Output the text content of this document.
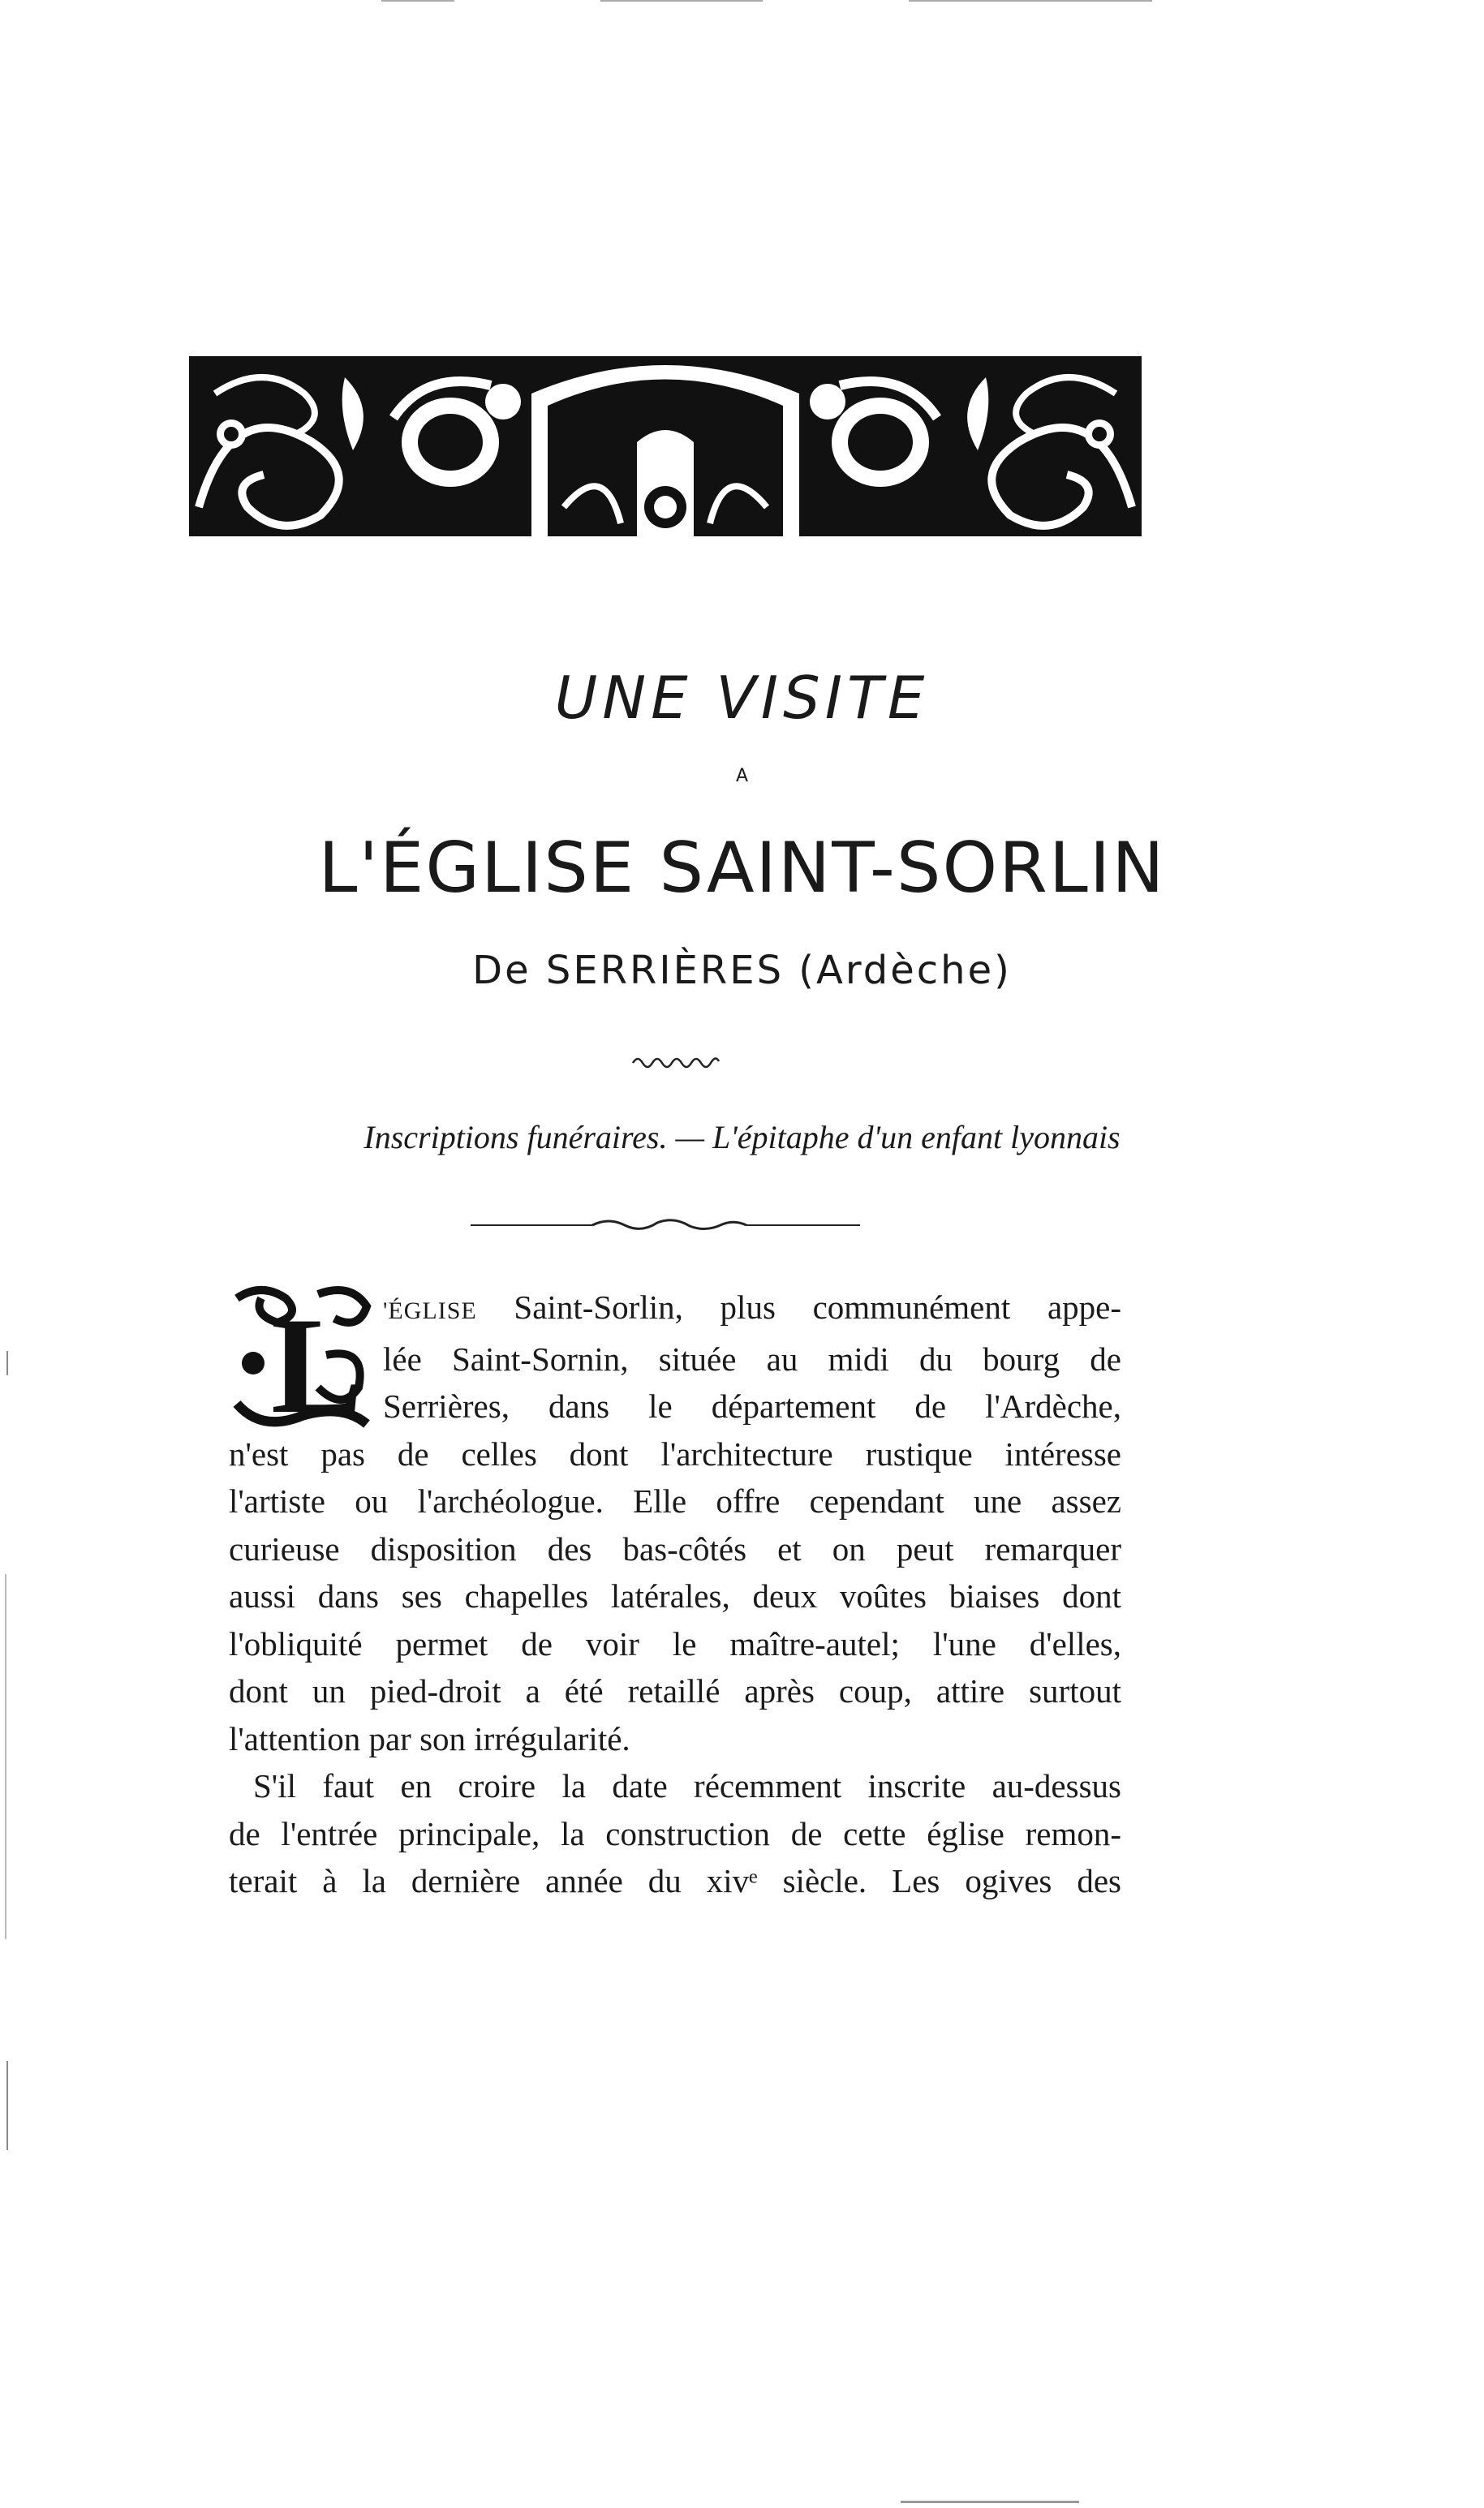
UNE VISITE
A
L'ÉGLISE SAINT-SORLIN
De SERRIÈRES (Ardèche)
Inscriptions funéraires. — L'épitaphe d'un enfant lyonnais
L 'ÉGLISE Saint-Sorlin, plus communément appe-
lée Saint-Sornin, située au midi du bourg de
Serrières, dans le département de l'Ardèche,
n'est pas de celles dont l'architecture rustique intéresse
l'artiste ou l'archéologue. Elle offre cependant une assez
curieuse disposition des bas-côtés et on peut remarquer
aussi dans ses chapelles latérales, deux voûtes biaises dont
l'obliquité permet de voir le maître-autel; l'une d'elles,
dont un pied-droit a été retaillé après coup, attire surtout
l'attention par son irrégularité.
S'il faut en croire la date récemment inscrite au-dessus
de l'entrée principale, la construction de cette église remon-
terait à la dernière année du xivᵉ siècle. Les ogives des
